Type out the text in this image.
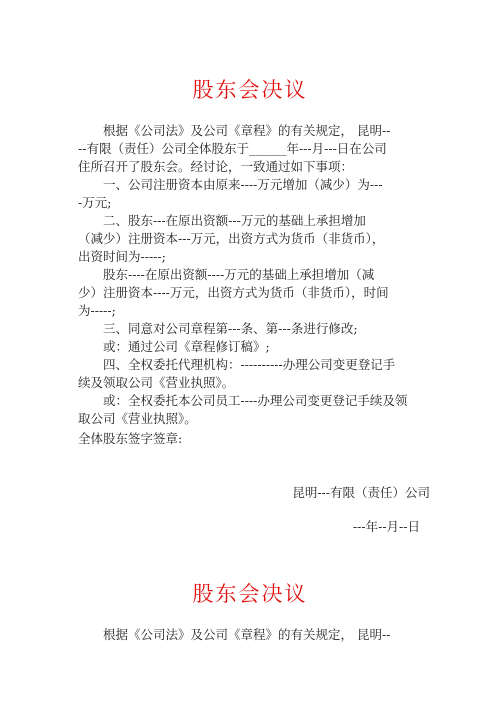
股东会决议

根据《公司法》及公司《章程》的有关规定， 昆明--

--有限（责任）公司全体股东于______年---月---日在公司

住所召开了股东会。经讨论，一致通过如下事项：

一、公司注册资本由原来----万元增加（减少）为---

-万元;

二、股东---在原出资额---万元的基础上承担增加

（减少）注册资本---万元，出资方式为货币（非货币），

出资时间为-----;

股东----在原出资额----万元的基础上承担增加（减

少）注册资本----万元，出资方式为货币（非货币），时间

为-----;

三、同意对公司章程第---条、第---条进行修改;

或：通过公司《章程修订稿》;

四、全权委托代理机构：----------办理公司变更登记手

续及领取公司《营业执照》。

或：全权委托本公司员工----办理公司变更登记手续及领

取公司《营业执照》。

全体股东签字签章:

昆明---有限（责任）公司

---年--月--日

股东会决议

根据《公司法》及公司《章程》的有关规定， 昆明--
